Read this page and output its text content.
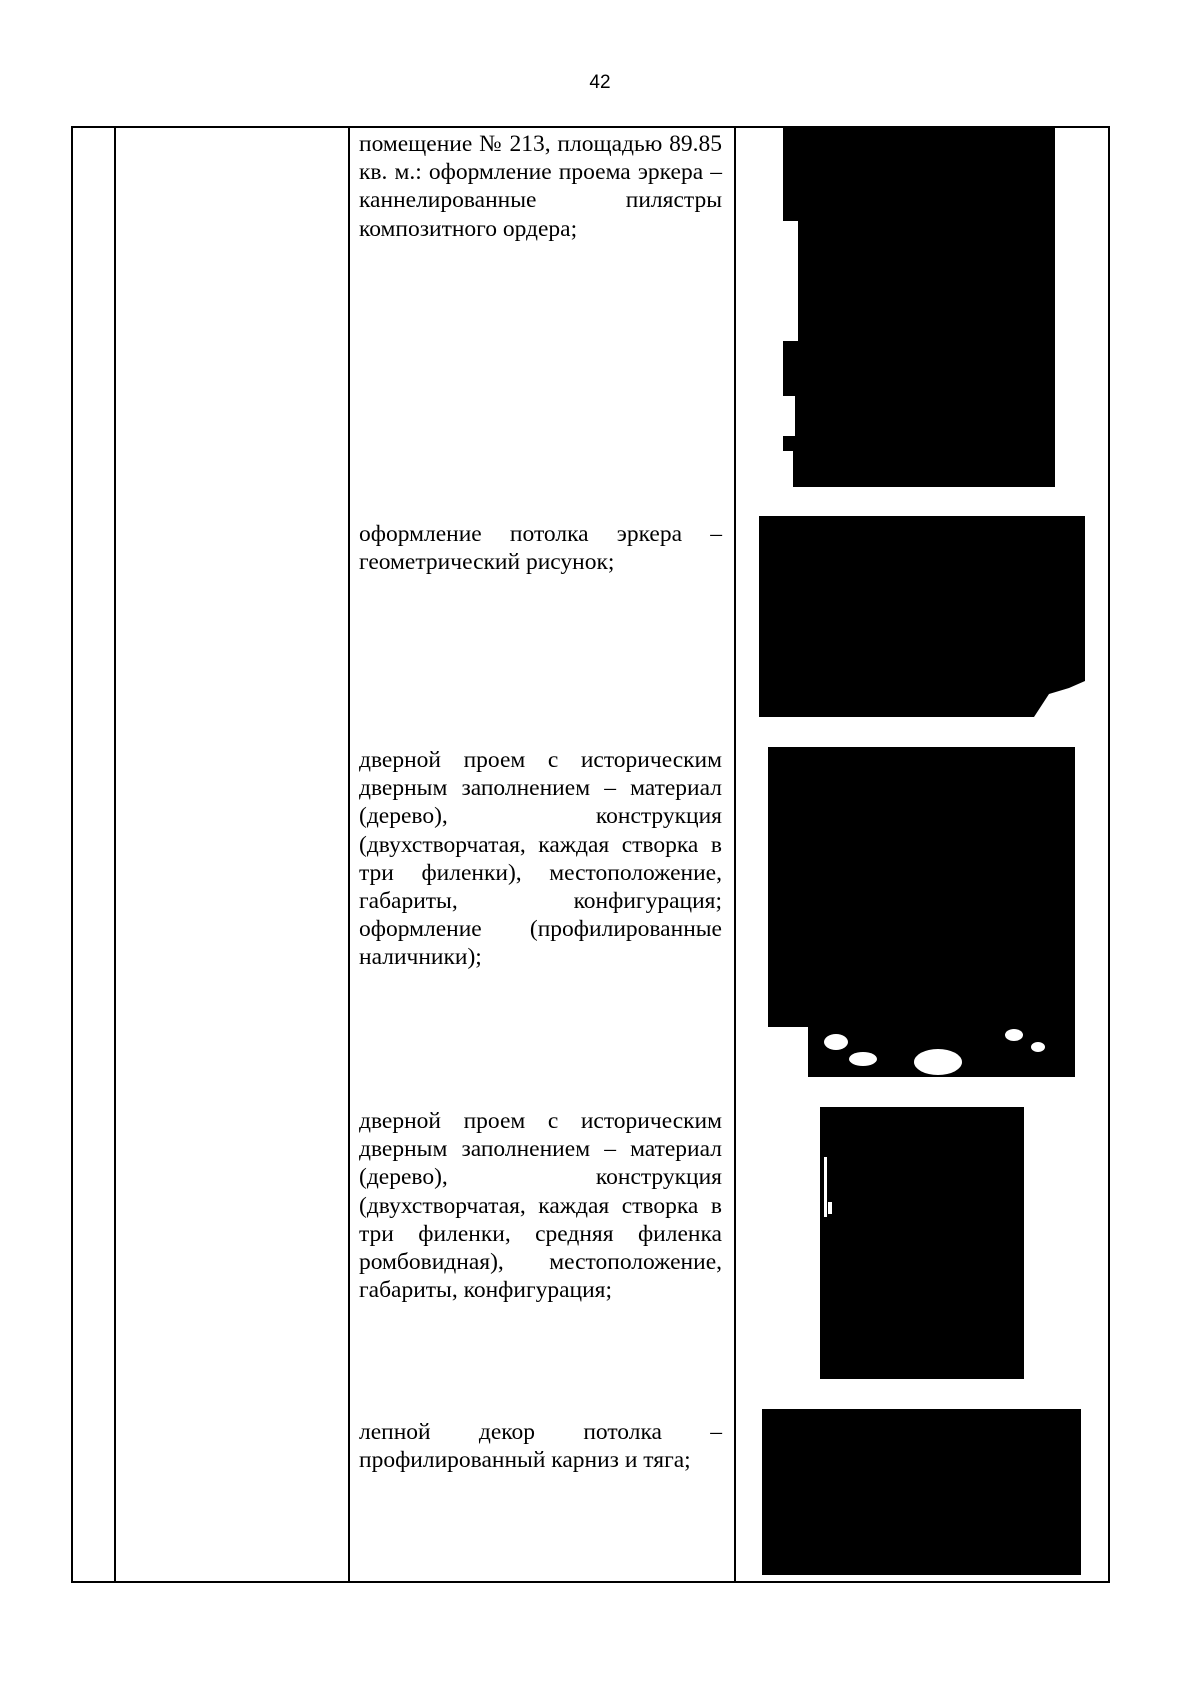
42
помещение № 213, площадью 89.85 кв. м.: оформление проема эркера – каннелированные пилястры композитного ордера;
оформление потолка эркера – геометрический рисунок;
дверной проем с историческим дверным заполнением – материал (дерево), конструкция (двухстворчатая, каждая створка в три филенки), местоположение, габариты, конфигурация; оформление (профилированные наличники);
дверной проем с историческим дверным заполнением – материал (дерево), конструкция (двухстворчатая, каждая створка в три филенки, средняя филенка ромбовидная), местоположение, габариты, конфигурация;
лепной декор потолка – профилированный карниз и тяга;
